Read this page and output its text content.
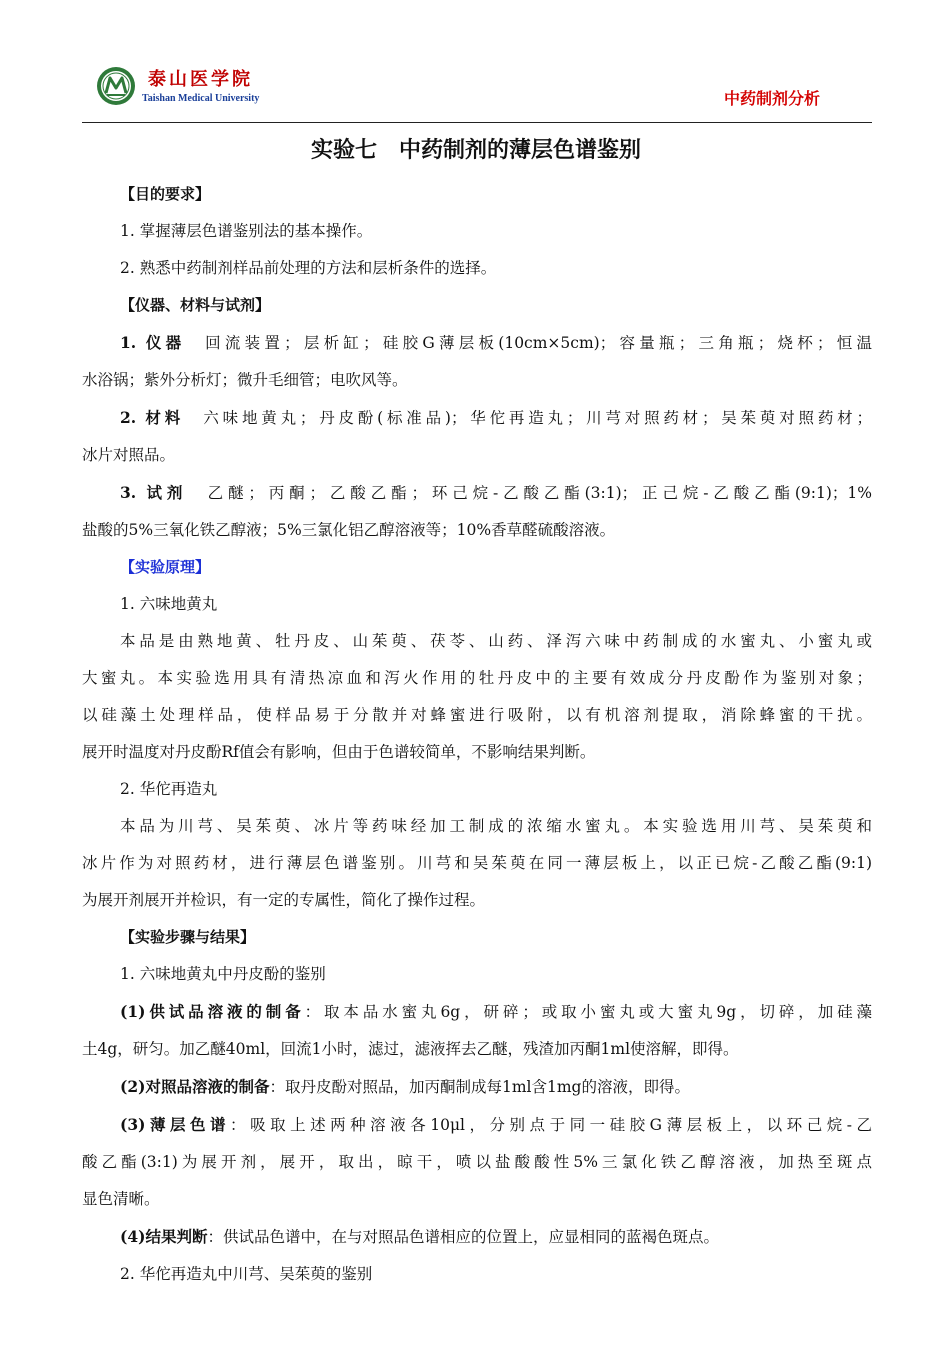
泰山医学院
Taishan Medical University	中药制剂分析
实验七　中药制剂的薄层色谱鉴别

【目的要求】

1. 掌握薄层色谱鉴别法的基本操作。

2. 熟悉中药制剂样品前处理的方法和层析条件的选择。

【仪器、材料与试剂】

1. 仪器　 回流装置；层析缸；硅胶G薄层板(10cm×5cm)；容量瓶；三角瓶；烧杯；恒温

水浴锅；紫外分析灯；微升毛细管；电吹风等。

2. 材料　 六味地黄丸；丹皮酚(标准品)；华佗再造丸；川芎对照药材；吴茱萸对照药材；

冰片对照品。

3. 试剂　 乙醚；丙酮；乙酸乙酯；环己烷-乙酸乙酯(3:1)；正己烷-乙酸乙酯(9:1)；1%

盐酸的5%三氧化铁乙醇液；5%三氯化铝乙醇溶液等；10%香草醛硫酸溶液。

【实验原理】

1. 六味地黄丸

本品是由熟地黄、牡丹皮、山茱萸、茯苓、山药、泽泻六味中药制成的水蜜丸、小蜜丸或

大蜜丸。本实验选用具有清热凉血和泻火作用的牡丹皮中的主要有效成分丹皮酚作为鉴别对象；

以硅藻土处理样品，使样品易于分散并对蜂蜜进行吸附，以有机溶剂提取，消除蜂蜜的干扰。

展开时温度对丹皮酚Rf值会有影响，但由于色谱较简单，不影响结果判断。

2. 华佗再造丸

本品为川芎、吴茱萸、冰片等药味经加工制成的浓缩水蜜丸。本实验选用川芎、吴茱萸和

冰片作为对照药材，进行薄层色谱鉴别。川芎和吴茱萸在同一薄层板上，以正已烷-乙酸乙酯(9:1)

为展开剂展开并检识，有一定的专属性，简化了操作过程。

【实验步骤与结果】

1. 六味地黄丸中丹皮酚的鉴别

(1)供试品溶液的制备：取本品水蜜丸6g，研碎；或取小蜜丸或大蜜丸9g，切碎，加硅藻

土4g，研匀。加乙醚40ml，回流1小时，滤过，滤液挥去乙醚，残渣加丙酮1ml使溶解，即得。

(2)对照品溶液的制备：取丹皮酚对照品，加丙酮制成每1ml含1mg的溶液，即得。

(3)薄层色谱：吸取上述两种溶液各10μl，分别点于同一硅胶G薄层板上，以环己烷-乙

酸乙酯(3:1)为展开剂，展开，取出，晾干，喷以盐酸酸性5%三氯化铁乙醇溶液，加热至斑点

显色清晰。

(4)结果判断：供试品色谱中，在与对照品色谱相应的位置上，应显相同的蓝褐色斑点。

2. 华佗再造丸中川芎、吴茱萸的鉴别
